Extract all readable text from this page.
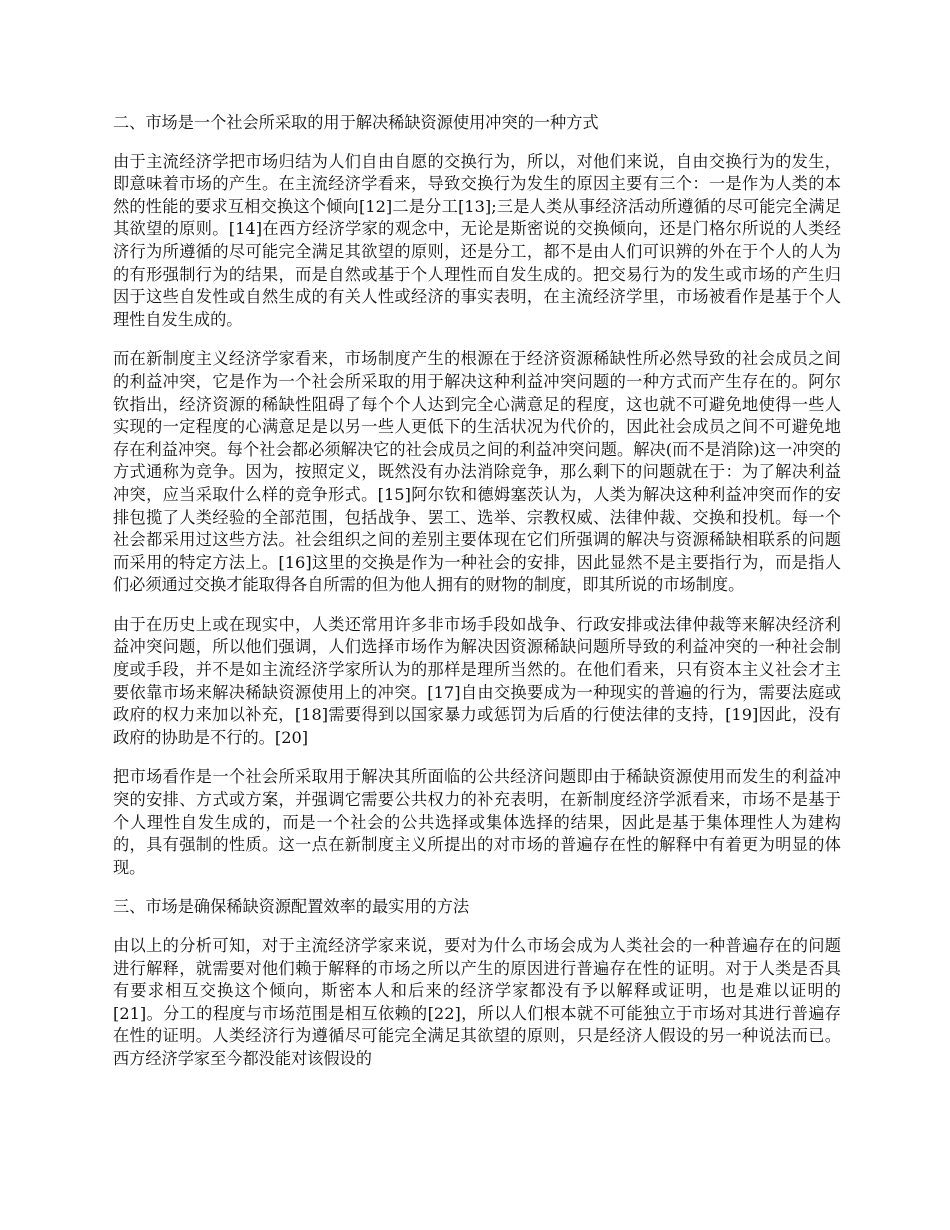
二、市场是一个社会所采取的用于解决稀缺资源使用冲突的一种方式

由于主流经济学把市场归结为人们自由自愿的交换行为，所以，对他们来说，自由交换行为的发生，即意味着市场的产生。在主流经济学看来，导致交换行为发生的原因主要有三个：一是作为人类的本然的性能的要求互相交换这个倾向[12]二是分工[13];三是人类从事经济活动所遵循的尽可能完全满足其欲望的原则。[14]在西方经济学家的观念中，无论是斯密说的交换倾向，还是门格尔所说的人类经济行为所遵循的尽可能完全满足其欲望的原则，还是分工，都不是由人们可识辨的外在于个人的人为的有形强制行为的结果，而是自然或基于个人理性而自发生成的。把交易行为的发生或市场的产生归因于这些自发性或自然生成的有关人性或经济的事实表明，在主流经济学里，市场被看作是基于个人理性自发生成的。

而在新制度主义经济学家看来，市场制度产生的根源在于经济资源稀缺性所必然导致的社会成员之间的利益冲突，它是作为一个社会所采取的用于解决这种利益冲突问题的一种方式而产生存在的。阿尔钦指出，经济资源的稀缺性阻碍了每个个人达到完全心满意足的程度，这也就不可避免地使得一些人实现的一定程度的心满意足是以另一些人更低下的生活状况为代价的，因此社会成员之间不可避免地存在利益冲突。每个社会都必须解决它的社会成员之间的利益冲突问题。解决(而不是消除)这一冲突的方式通称为竞争。因为，按照定义，既然没有办法消除竞争，那么剩下的问题就在于：为了解决利益冲突，应当采取什么样的竞争形式。[15]阿尔钦和德姆塞茨认为，人类为解决这种利益冲突而作的安排包揽了人类经验的全部范围，包括战争、罢工、选举、宗教权威、法律仲裁、交换和投机。每一个社会都采用过这些方法。社会组织之间的差别主要体现在它们所强调的解决与资源稀缺相联系的问题而采用的特定方法上。[16]这里的交换是作为一种社会的安排，因此显然不是主要指行为，而是指人们必须通过交换才能取得各自所需的但为他人拥有的财物的制度，即其所说的市场制度。

由于在历史上或在现实中，人类还常用许多非市场手段如战争、行政安排或法律仲裁等来解决经济利益冲突问题，所以他们强调，人们选择市场作为解决因资源稀缺问题所导致的利益冲突的一种社会制度或手段，并不是如主流经济学家所认为的那样是理所当然的。在他们看来，只有资本主义社会才主要依靠市场来解决稀缺资源使用上的冲突。[17]自由交换要成为一种现实的普遍的行为，需要法庭或政府的权力来加以补充，[18]需要得到以国家暴力或惩罚为后盾的行使法律的支持，[19]因此，没有政府的协助是不行的。[20]

把市场看作是一个社会所采取用于解决其所面临的公共经济问题即由于稀缺资源使用而发生的利益冲突的安排、方式或方案，并强调它需要公共权力的补充表明，在新制度经济学派看来，市场不是基于个人理性自发生成的，而是一个社会的公共选择或集体选择的结果，因此是基于集体理性人为建构的，具有强制的性质。这一点在新制度主义所提出的对市场的普遍存在性的解释中有着更为明显的体现。

三、市场是确保稀缺资源配置效率的最实用的方法

由以上的分析可知，对于主流经济学家来说，要对为什么市场会成为人类社会的一种普遍存在的问题进行解释，就需要对他们赖于解释的市场之所以产生的原因进行普遍存在性的证明。对于人类是否具有要求相互交换这个倾向，斯密本人和后来的经济学家都没有予以解释或证明，也是难以证明的[21]。分工的程度与市场范围是相互依赖的[22]，所以人们根本就不可能独立于市场对其进行普遍存在性的证明。人类经济行为遵循尽可能完全满足其欲望的原则，只是经济人假设的另一种说法而已。西方经济学家至今都没能对该假设的
